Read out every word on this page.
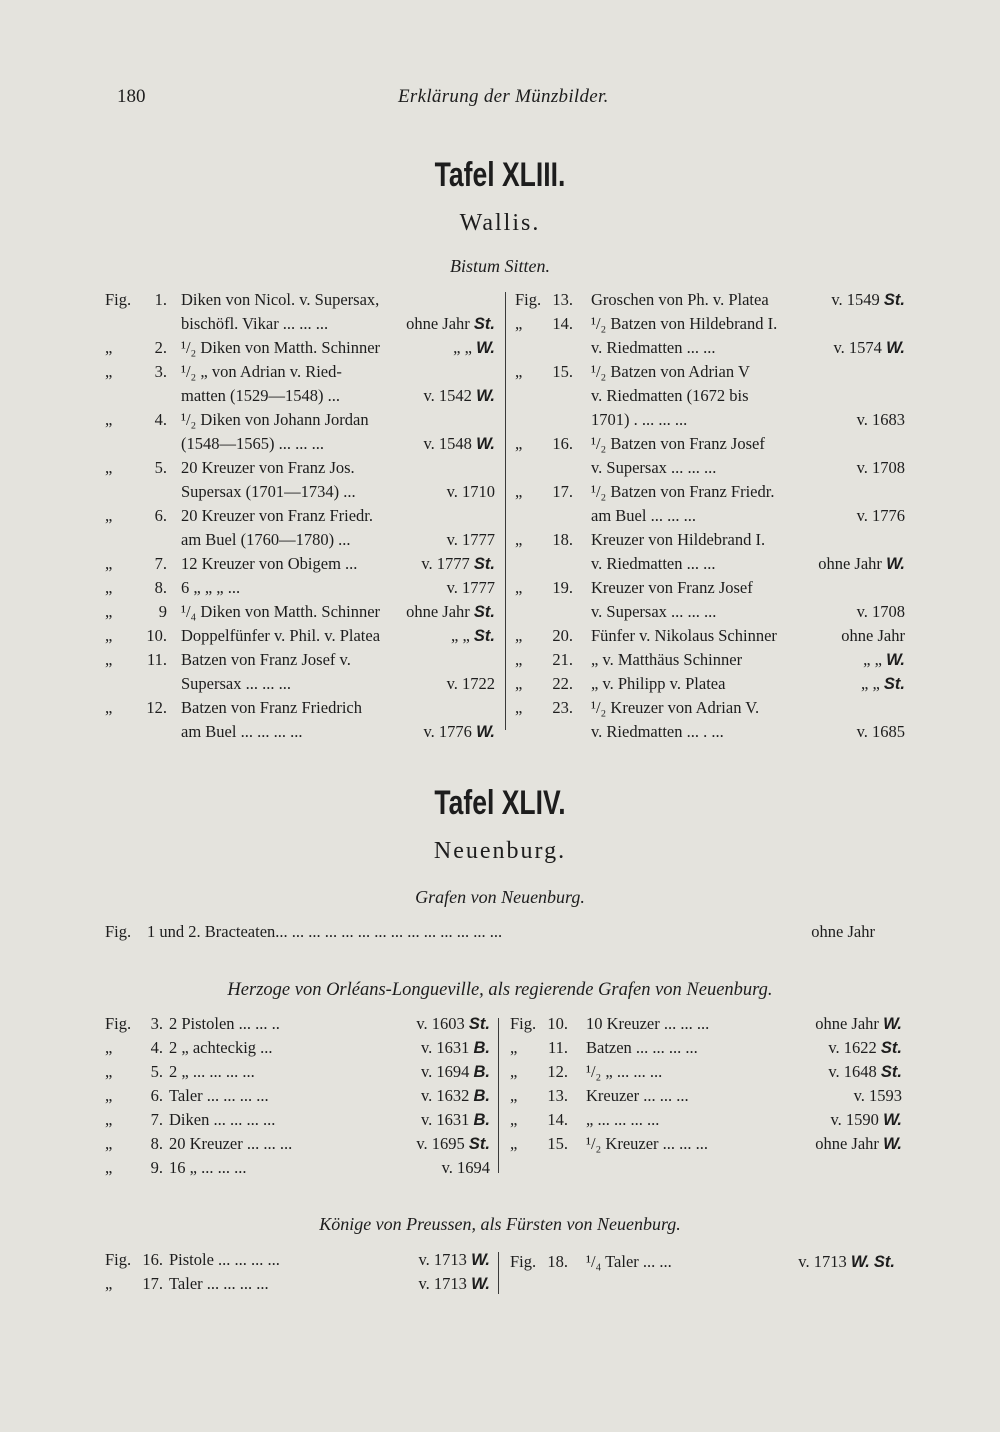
180	Erklärung der Münzbilder.
Tafel XLIII.
Wallis.
Bistum Sitten.
Fig.	1. Diken von Nicol. v. Supersax,
bischöfl. Vikar ... ... ...	ohne Jahr St.
„	2. ¹/₂ Diken von Matth. Schinner	„ „ W.
„	3. ¹/₂ „ von Adrian v. Ried-
matten (1529—1548) ...	v. 1542 W.
„	4. ¹/₂ Diken von Johann Jordan
(1548—1565) ... ... ...	v. 1548 W.
„	5. 20 Kreuzer von Franz Jos.
Supersax (1701—1734) ...	v. 1710
„	6. 20 Kreuzer von Franz Friedr.
am Buel (1760—1780) ...	v. 1777
„	7. 12 Kreuzer von Obigem ...	v. 1777 St.
„	8. 6 „ „ „ ...	v. 1777
„	9 ¹/₄ Diken von Matth. Schinner ohne Jahr St.
„	10. Doppelfünfer v. Phil. v. Platea	„ „ St.
„	11. Batzen von Franz Josef v.
Supersax ... ... ...	v. 1722
„	12. Batzen von Franz Friedrich
am Buel ... ... ... ...	v. 1776 W.
Fig. 13. Groschen von Ph. v. Platea	v. 1549 St.
„	14. ¹/₂ Batzen von Hildebrand I.
v. Riedmatten ... ...	v. 1574 W.
„	15. ¹/₂ Batzen von Adrian V
v. Riedmatten (1672 bis
1701) . ... ... ...	v. 1683
„	16. ¹/₂ Batzen von Franz Josef
v. Supersax ... ... ...	v. 1708
„	17. ¹/₂ Batzen von Franz Friedr.
am Buel ... ... ...	v. 1776
„	18. Kreuzer von Hildebrand I.
v. Riedmatten ... ...	ohne Jahr W.
„	19. Kreuzer von Franz Josef
v. Supersax ... ... ...	v. 1708
„	20. Fünfer v. Nikolaus Schinner	ohne Jahr
„	21. „ v. Matthäus Schinner	„ „ W.
„	22. „ v. Philipp v. Platea	„ „ St.
„	23. ¹/₂ Kreuzer von Adrian V.
v. Riedmatten ... . ...	v. 1685
Tafel XLIV.
Neuenburg.
Grafen von Neuenburg.
Fig. 1 und 2. Bracteaten... ... ... ... ... ... ... ... ... ... ... ... ... ...	ohne Jahr
Herzoge von Orléans-Longueville, als regierende Grafen von Neuenburg.
Fig.	3. 2 Pistolen ... ... ..	v. 1603 St.
„	4. 2 „ achteckig ...	v. 1631 B.
„	5. 2 „ ... ... ... ...	v. 1694 B.
„	6. Taler ... ... ... ...	v. 1632 B.
„	7. Diken ... ... ... ...	v. 1631 B.
„	8. 20 Kreuzer ... ... ...	v. 1695 St.
„	9. 16 „ ... ... ...	v. 1694
Fig. 10. 10 Kreuzer ... ... ...	ohne Jahr W.
„	11. Batzen ... ... ... ...	v. 1622 St.
„	12. ¹/₂ „ ... ... ...	v. 1648 St.
„	13. Kreuzer ... ... ...	v. 1593
„	14. „ ... ... ... ...	v. 1590 W.
„	15. ¹/₂ Kreuzer ... ... ...	ohne Jahr W.
Könige von Preussen, als Fürsten von Neuenburg.
Fig. 16. Pistole ... ... ... ...	v. 1713 W.
„	17. Taler ... ... ... ...	v. 1713 W.
Fig. 18. ¹/₄ Taler ... ...	v. 1713 W. St.
